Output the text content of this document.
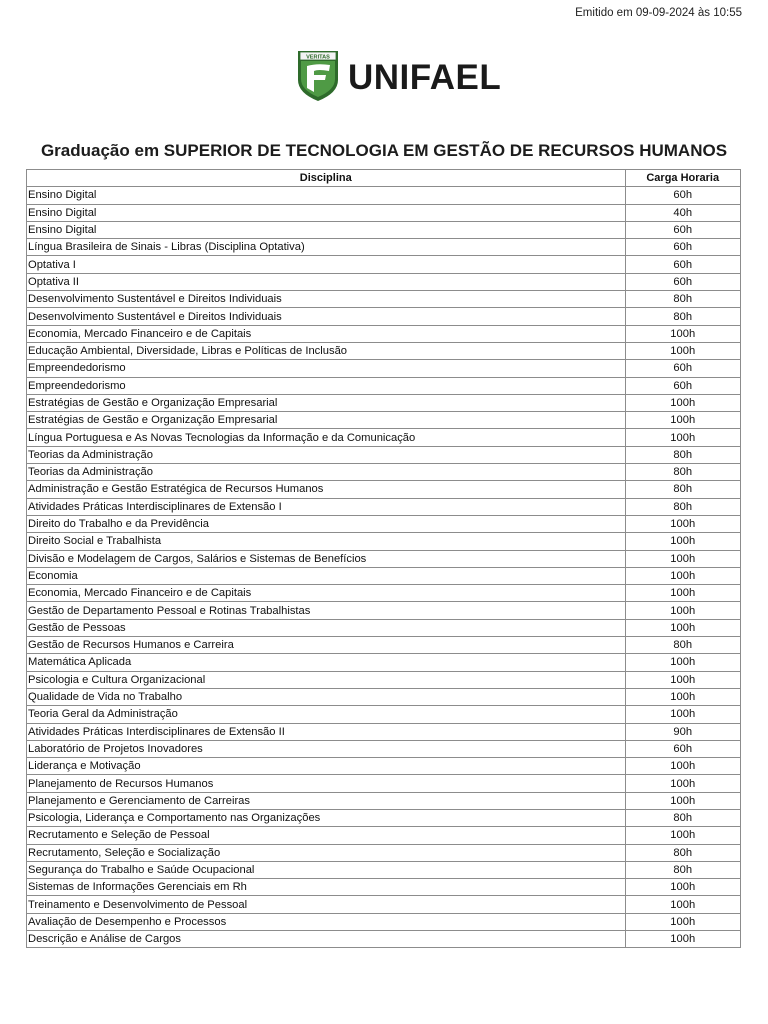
Emitido em 09-09-2024 às 10:55
VERITAS
UNIFAEL
Graduação em SUPERIOR DE TECNOLOGIA EM GESTÃO DE RECURSOS HUMANOS
Disciplina	Carga Horaria
Ensino Digital	60h
Ensino Digital	40h
Ensino Digital	60h
Língua Brasileira de Sinais - Libras (Disciplina Optativa)	60h
Optativa I	60h
Optativa II	60h
Desenvolvimento Sustentável e Direitos Individuais	80h
Desenvolvimento Sustentável e Direitos Individuais	80h
Economia, Mercado Financeiro e de Capitais	100h
Educação Ambiental, Diversidade, Libras e Políticas de Inclusão	100h
Empreendedorismo	60h
Empreendedorismo	60h
Estratégias de Gestão e Organização Empresarial	100h
Estratégias de Gestão e Organização Empresarial	100h
Língua Portuguesa e As Novas Tecnologias da Informação e da Comunicação	100h
Teorias da Administração	80h
Teorias da Administração	80h
Administração e Gestão Estratégica de Recursos Humanos	80h
Atividades Práticas Interdisciplinares de Extensão I	80h
Direito do Trabalho e da Previdência	100h
Direito Social e Trabalhista	100h
Divisão e Modelagem de Cargos, Salários e Sistemas de Benefícios	100h
Economia	100h
Economia, Mercado Financeiro e de Capitais	100h
Gestão de Departamento Pessoal e Rotinas Trabalhistas	100h
Gestão de Pessoas	100h
Gestão de Recursos Humanos e Carreira	80h
Matemática Aplicada	100h
Psicologia e Cultura Organizacional	100h
Qualidade de Vida no Trabalho	100h
Teoria Geral da Administração	100h
Atividades Práticas Interdisciplinares de Extensão II	90h
Laboratório de Projetos Inovadores	60h
Liderança e Motivação	100h
Planejamento de Recursos Humanos	100h
Planejamento e Gerenciamento de Carreiras	100h
Psicologia, Liderança e Comportamento nas Organizações	80h
Recrutamento e Seleção de Pessoal	100h
Recrutamento, Seleção e Socialização	80h
Segurança do Trabalho e Saúde Ocupacional	80h
Sistemas de Informações Gerenciais em Rh	100h
Treinamento e Desenvolvimento de Pessoal	100h
Avaliação de Desempenho e Processos	100h
Descrição e Análise de Cargos	100h
